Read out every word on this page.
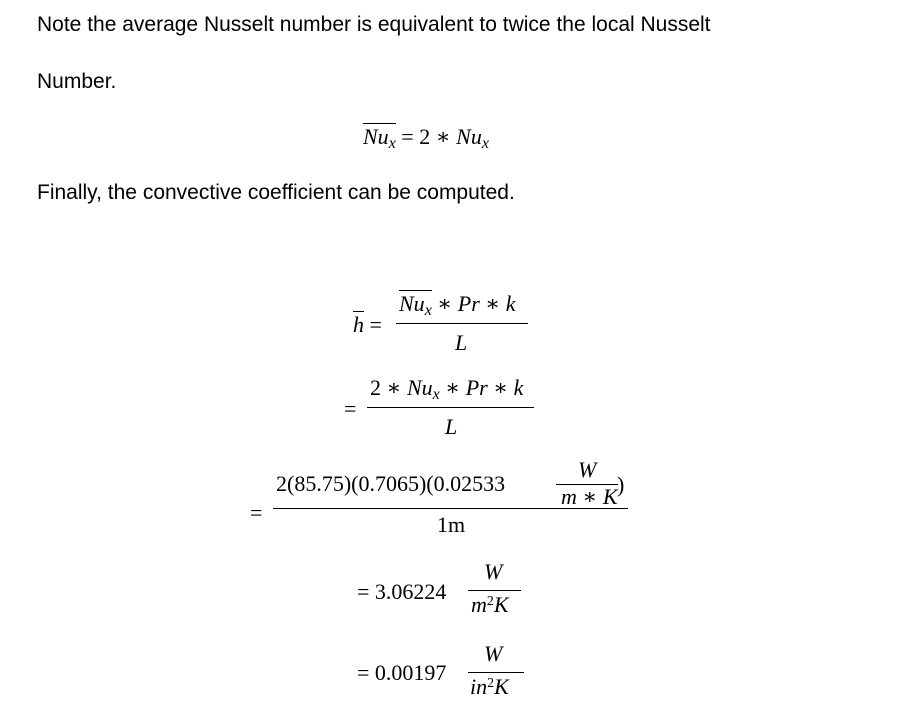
Note the average Nusselt number is equivalent to twice the local Nusselt
Number.
Finally, the convective coefficient can be computed.
$Nu_x = 2$ ∗ $Nu_x$
h =
$Nu_x$ ∗ Pr ∗ k
L
=
2 ∗ $Nu_x$ ∗ Pr ∗ k
L
=
2(85.75)(0.7065)(0.02533
W
m ∗ K )
1m
= 3.06224
W
$m^2K$
= 0.00197
W
$in^2K$
